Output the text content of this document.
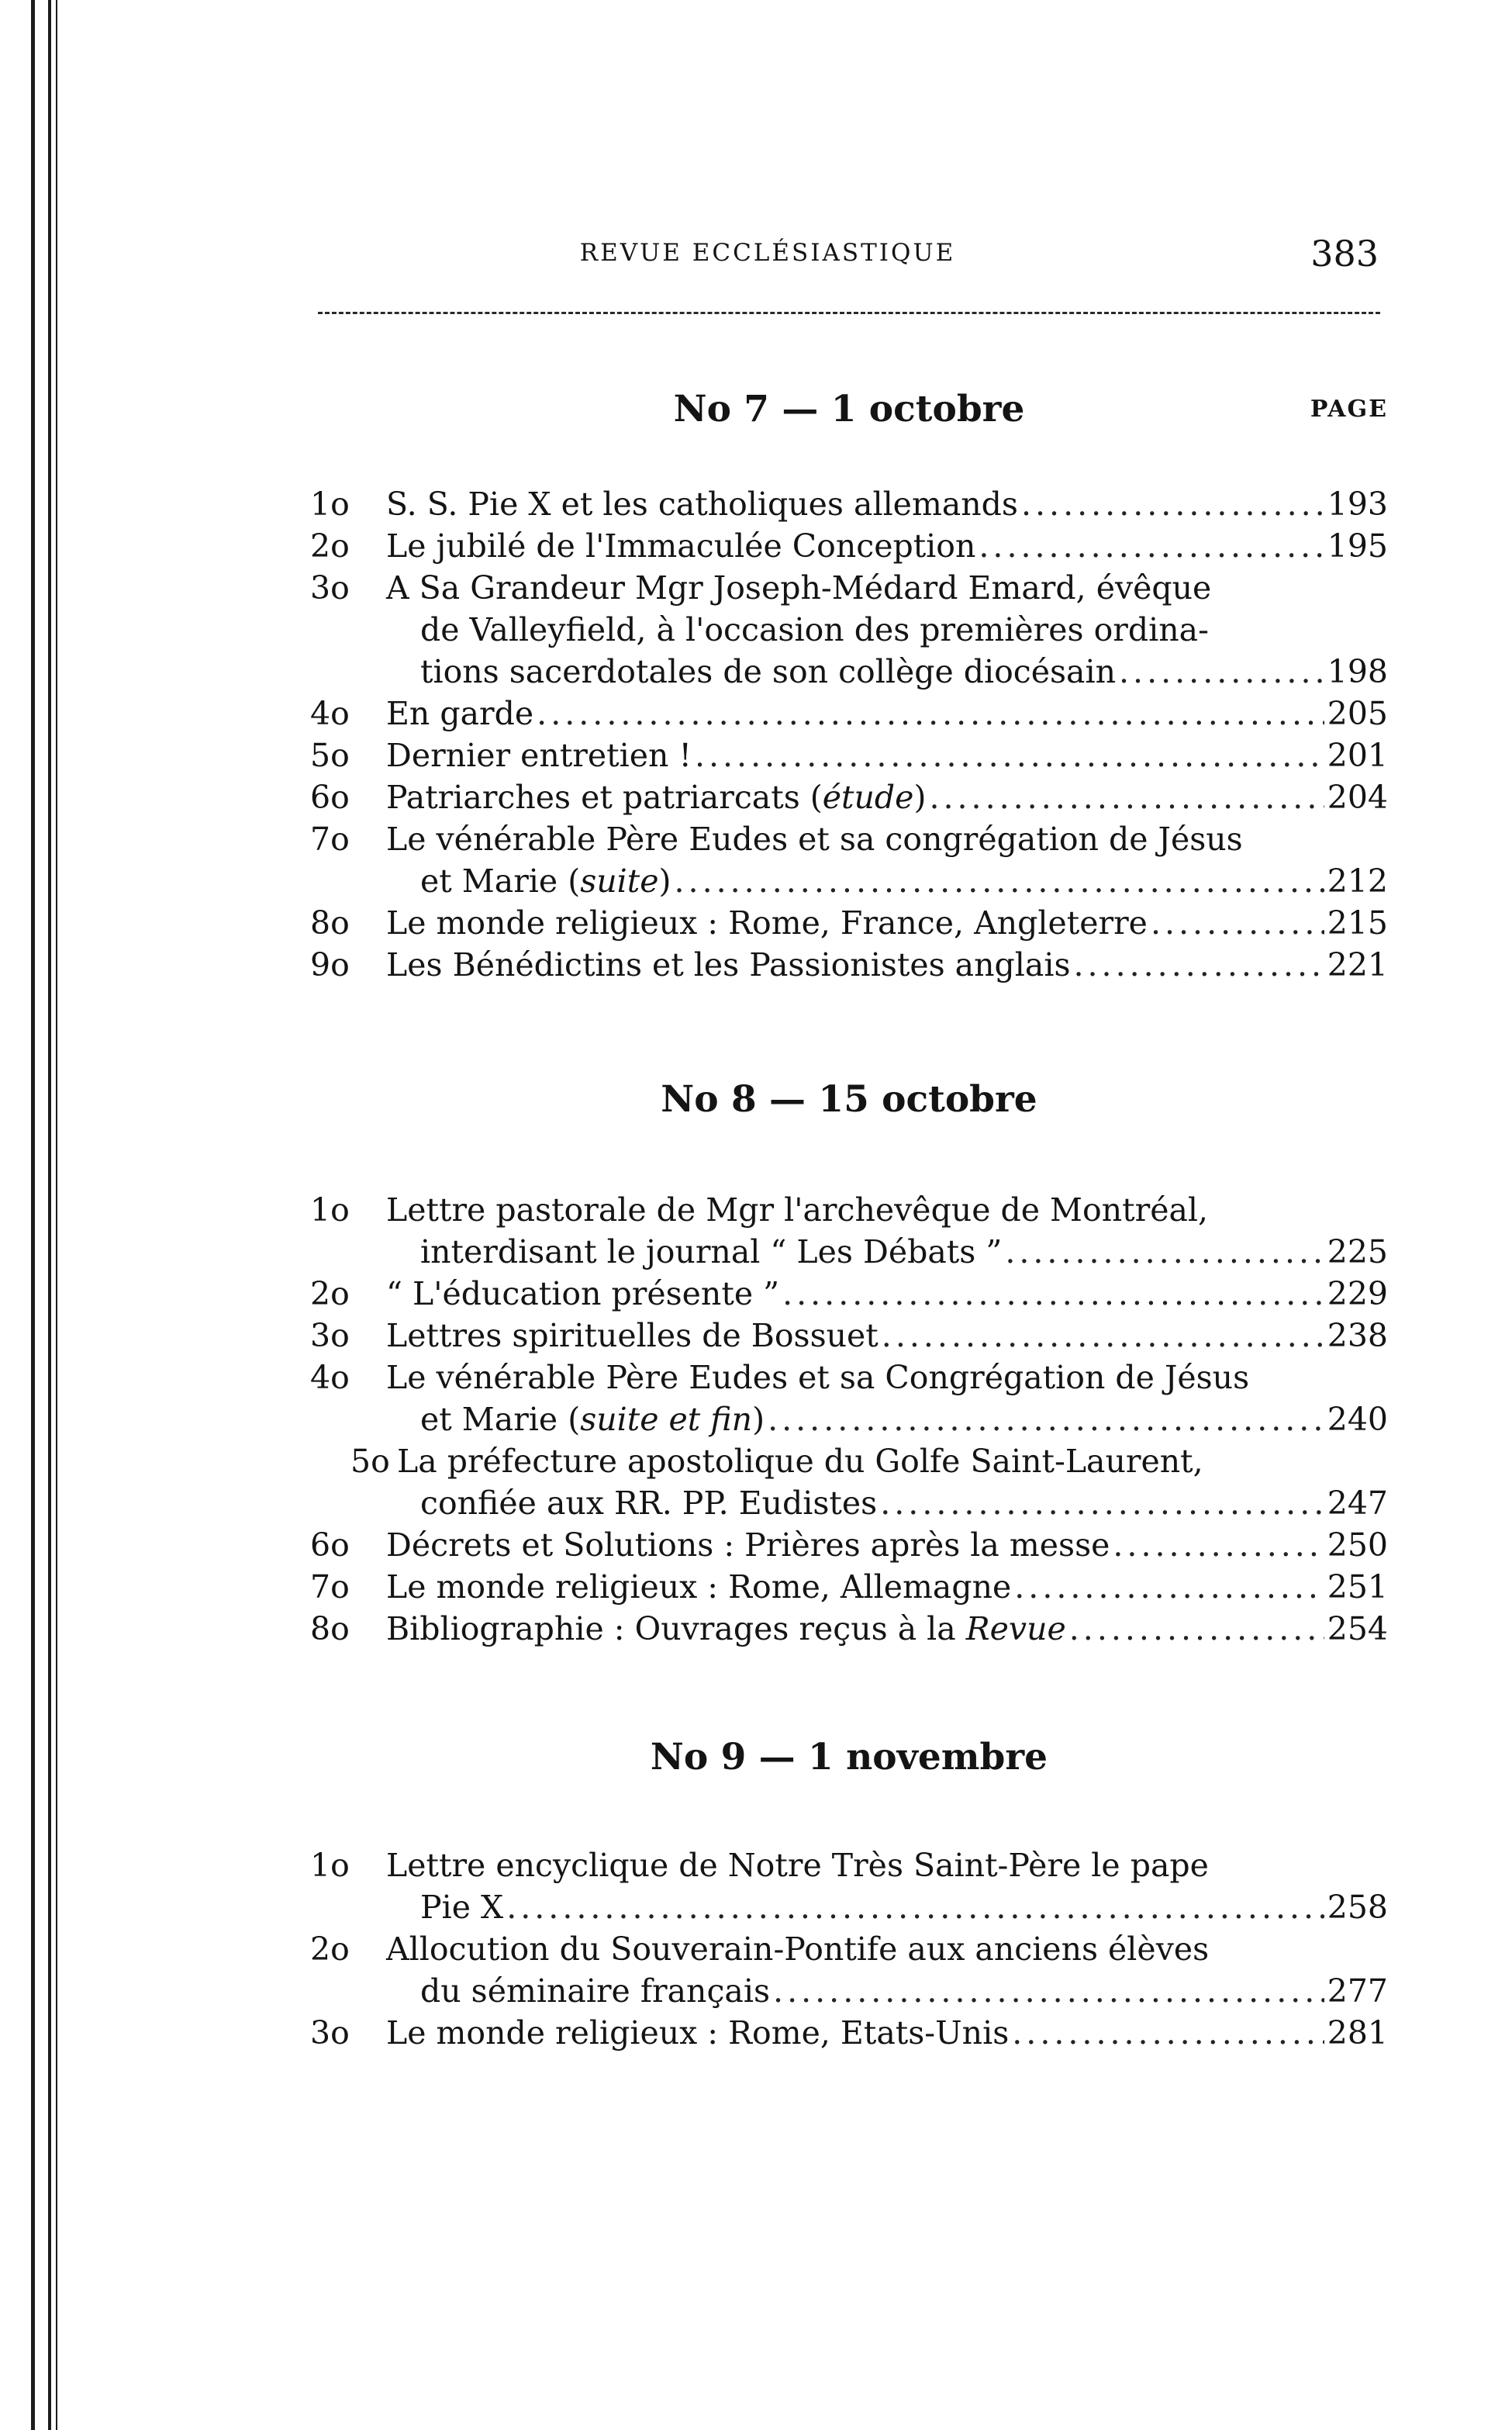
REVUE ECCLÉSIASTIQUE	383
No 7 — 1 octobre	PAGE
1o S. S. Pie X et les catholiques allemands .....	193
2o Le jubilé de l'Immaculée Conception .....	195
3o A Sa Grandeur Mgr Joseph-Médard Emard, évêque
de Valleyfield, à l'occasion des premières ordina-
tions sacerdotales de son collège diocésain .....	198
4o En garde .....	205
5o Dernier entretien ! .....	201
6o Patriarches et patriarcats (étude) .....	204
7o Le vénérable Père Eudes et sa congrégation de Jésus
et Marie (suite) .....	212
8o Le monde religieux : Rome, France, Angleterre .....	215
9o Les Bénédictins et les Passionistes anglais .....	221
No 8 — 15 octobre
1o Lettre pastorale de Mgr l'archevêque de Montréal,
interdisant le journal “ Les Débats ” .....	225
2o “ L'éducation présente ” .....	229
3o Lettres spirituelles de Bossuet .....	238
4o Le vénérable Père Eudes et sa Congrégation de Jésus
et Marie (suite et fin) .....	240
5o La préfecture apostolique du Golfe Saint-Laurent,
confiée aux RR. PP. Eudistes .....	247
6o Décrets et Solutions : Prières après la messe .....	250
7o Le monde religieux : Rome, Allemagne .....	251
8o Bibliographie : Ouvrages reçus à la Revue .....	254
No 9 — 1 novembre
1o Lettre encyclique de Notre Très Saint-Père le pape
Pie X .....	258
2o Allocution du Souverain-Pontife aux anciens élèves
du séminaire français .....	277
3o Le monde religieux : Rome, Etats-Unis .....	281
